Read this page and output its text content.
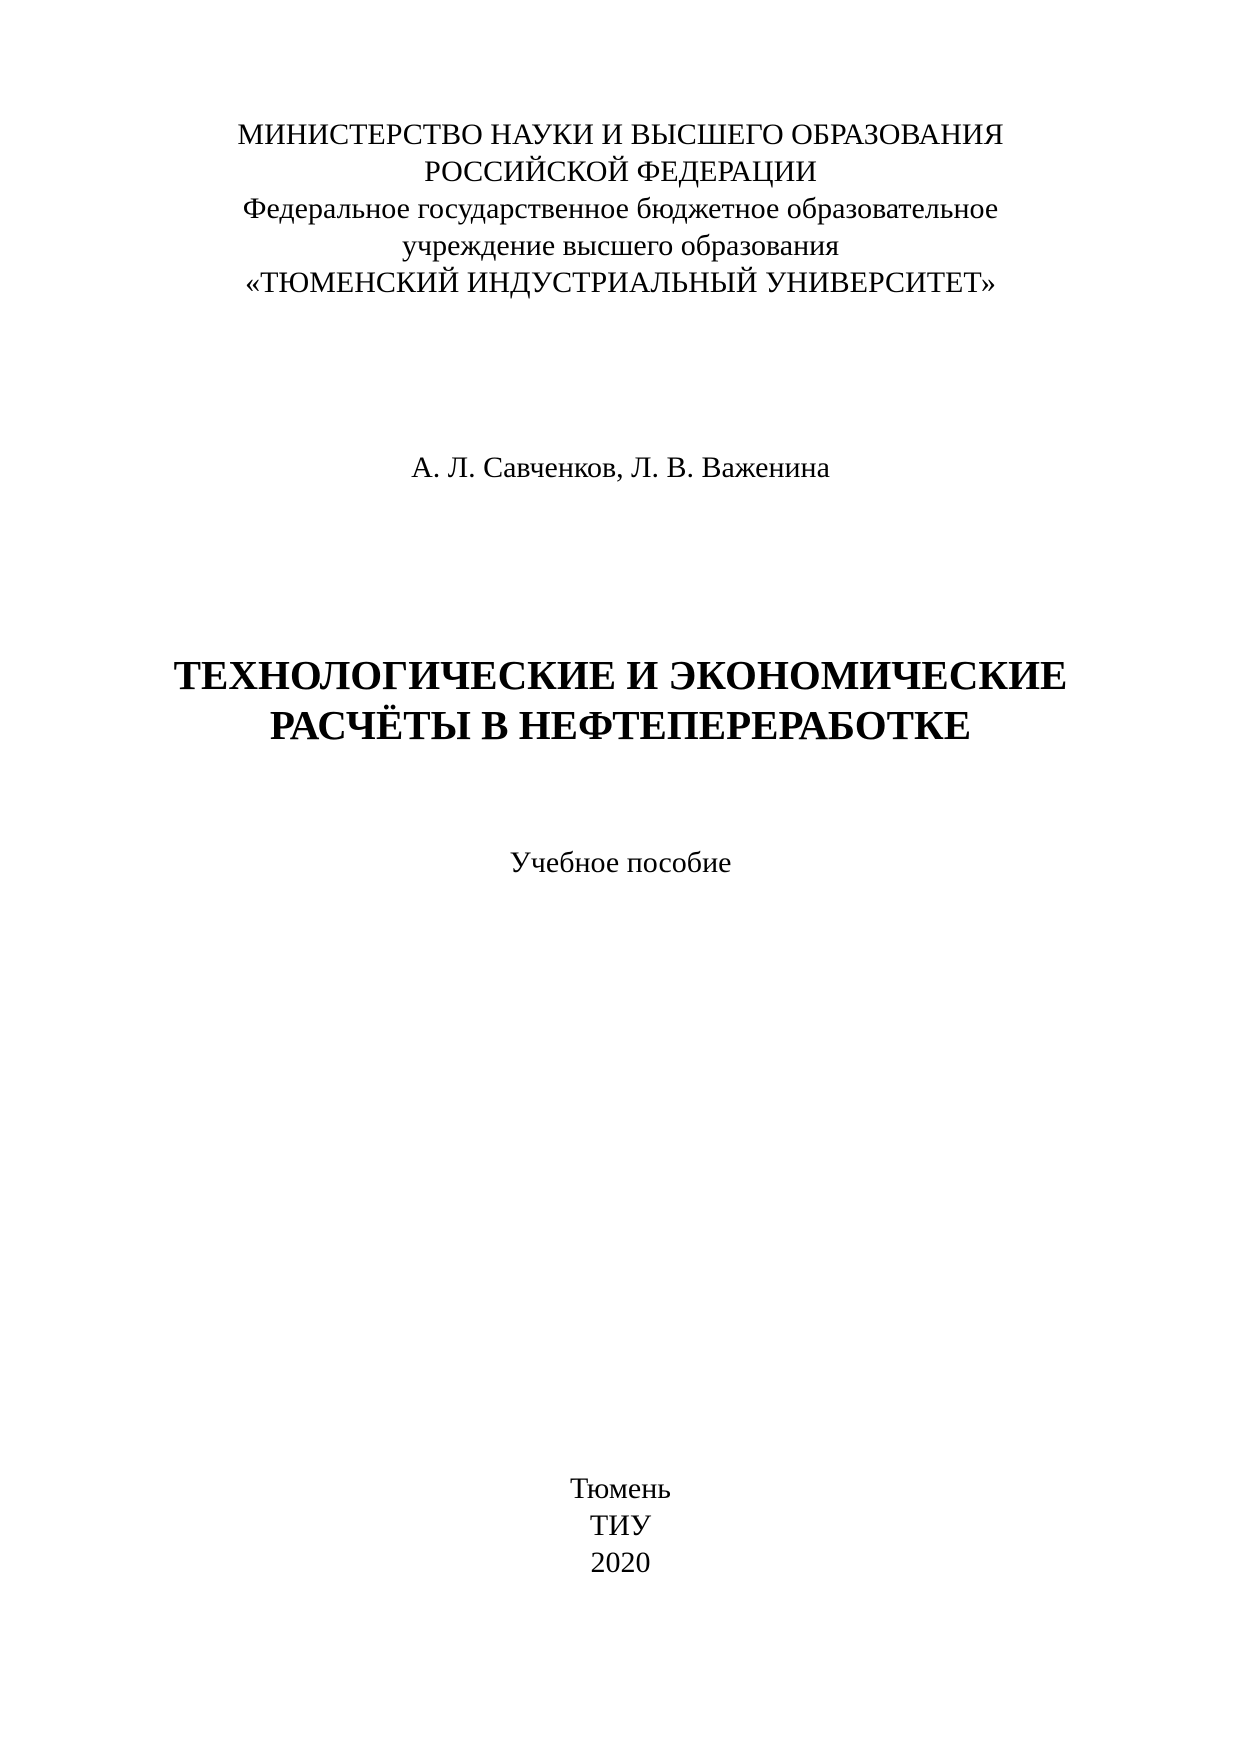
МИНИСТЕРСТВО НАУКИ И ВЫСШЕГО ОБРАЗОВАНИЯ
РОССИЙСКОЙ ФЕДЕРАЦИИ
Федеральное государственное бюджетное образовательное
учреждение высшего образования
«ТЮМЕНСКИЙ ИНДУСТРИАЛЬНЫЙ УНИВЕРСИТЕТ»
А. Л. Савченков, Л. В. Важенина
ТЕХНОЛОГИЧЕСКИЕ И ЭКОНОМИЧЕСКИЕ
РАСЧЁТЫ В НЕФТЕПЕРЕРАБОТКЕ
Учебное пособие
Тюмень
ТИУ
2020
